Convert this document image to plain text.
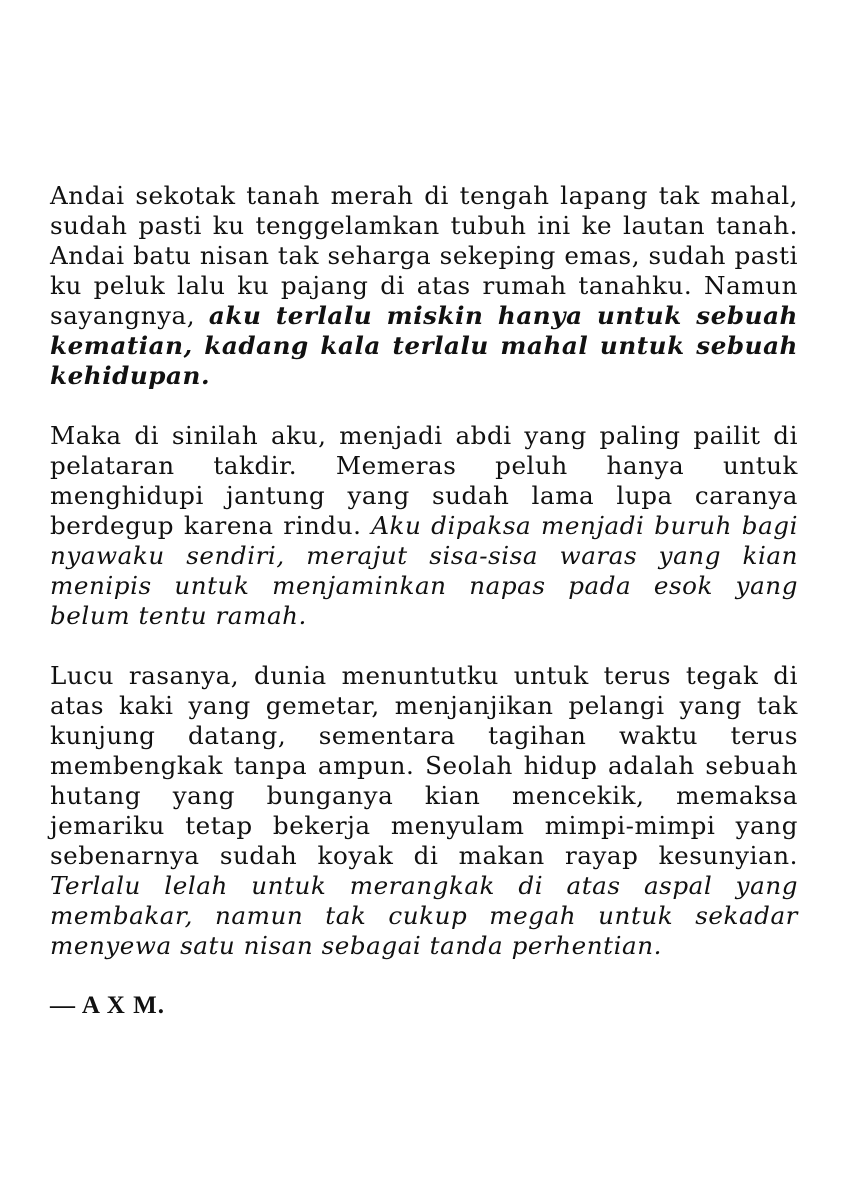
Andai sekotak tanah merah di tengah lapang tak mahal, sudah pasti ku tenggelamkan tubuh ini ke lautan tanah. Andai batu nisan tak seharga sekeping emas, sudah pasti ku peluk lalu ku pajang di atas rumah tanahku. Namun sayangnya, aku terlalu miskin hanya untuk sebuah kematian, kadang kala terlalu mahal untuk sebuah kehidupan.

Maka di sinilah aku, menjadi abdi yang paling pailit di pelataran takdir. Memeras peluh hanya untuk menghidupi jantung yang sudah lama lupa caranya berdegup karena rindu. Aku dipaksa menjadi buruh bagi nyawaku sendiri, merajut sisa-sisa waras yang kian menipis untuk menjaminkan napas pada esok yang belum tentu ramah.

Lucu rasanya, dunia menuntutku untuk terus tegak di atas kaki yang gemetar, menjanjikan pelangi yang tak kunjung datang, sementara tagihan waktu terus membengkak tanpa ampun. Seolah hidup adalah sebuah hutang yang bunganya kian mencekik, memaksa jemariku tetap bekerja menyulam mimpi-mimpi yang sebenarnya sudah koyak di makan rayap kesunyian. Terlalu lelah untuk merangkak di atas aspal yang membakar, namun tak cukup megah untuk sekadar menyewa satu nisan sebagai tanda perhentian.

— A X M.
